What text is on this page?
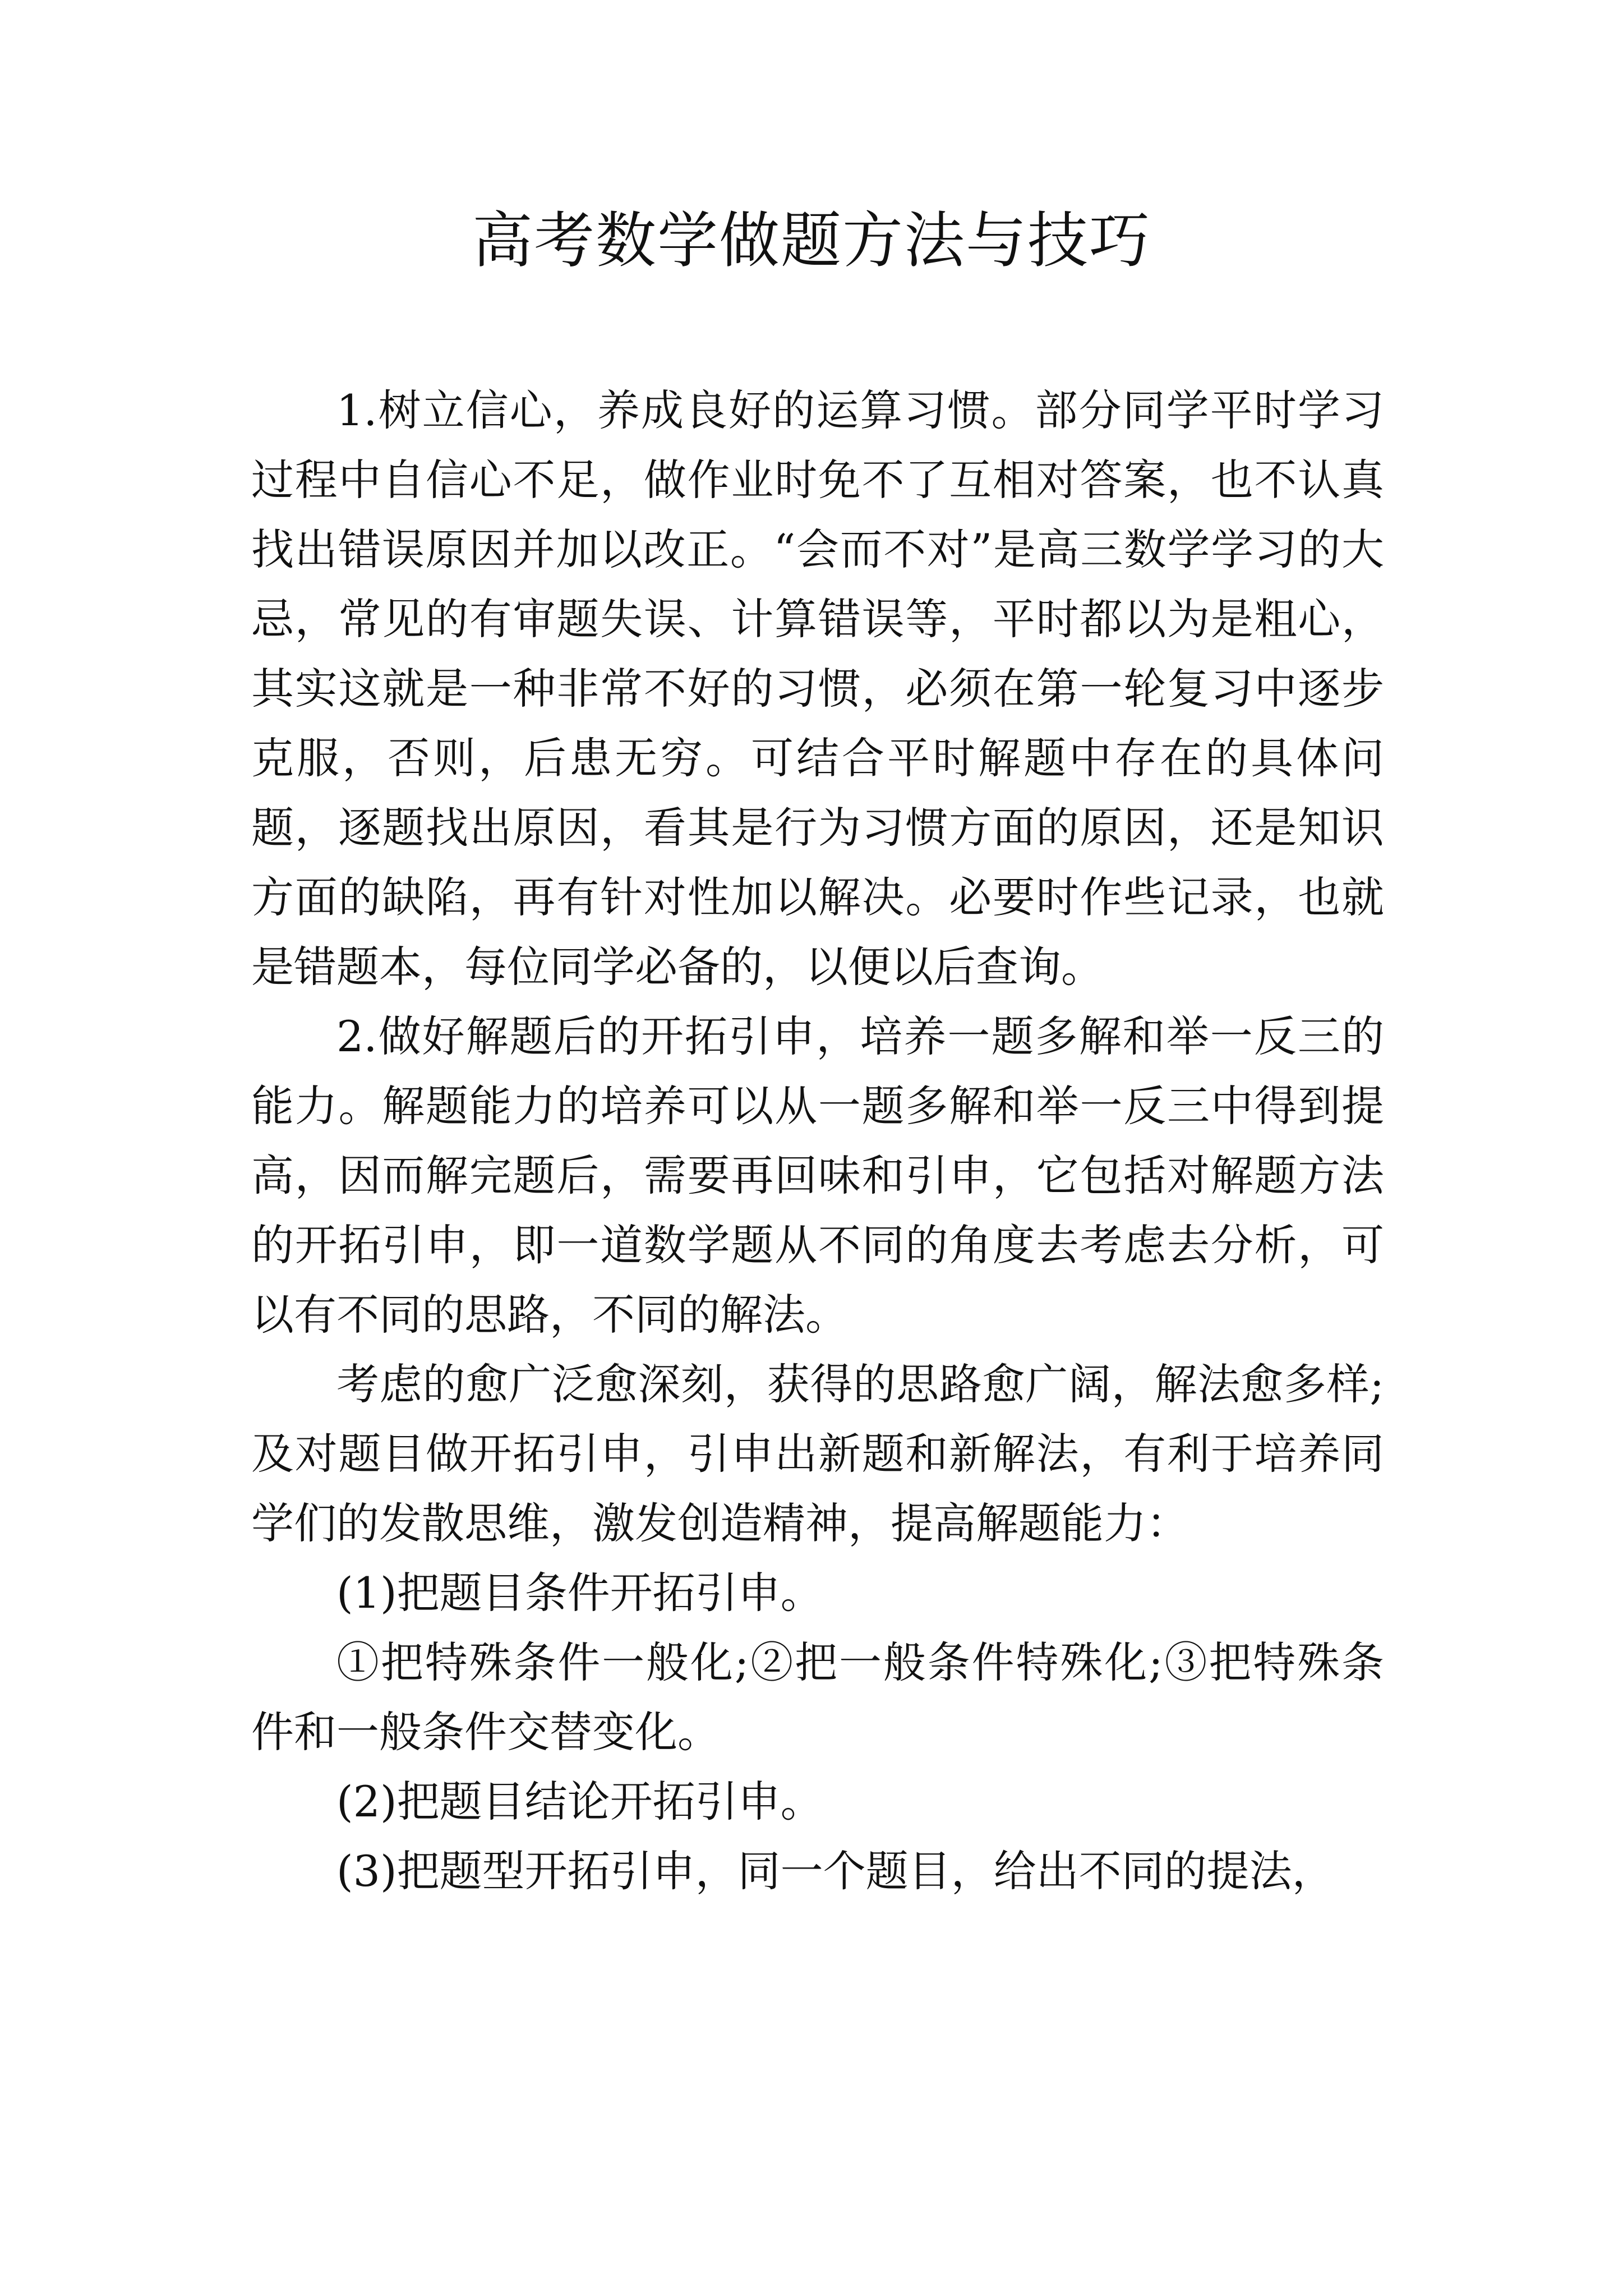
高考数学做题方法与技巧

1.树立信心，养成良好的运算习惯。部分同学平时学习过程中自信心不足，做作业时免不了互相对答案，也不认真找出错误原因并加以改正。“会而不对”是高三数学学习的大忌，常见的有审题失误、计算错误等，平时都以为是粗心，其实这就是一种非常不好的习惯，必须在第一轮复习中逐步克服，否则，后患无穷。可结合平时解题中存在的具体问题，逐题找出原因，看其是行为习惯方面的原因，还是知识方面的缺陷，再有针对性加以解决。必要时作些记录，也就是错题本，每位同学必备的，以便以后查询。

2.做好解题后的开拓引申，培养一题多解和举一反三的能力。解题能力的培养可以从一题多解和举一反三中得到提高，因而解完题后，需要再回味和引申，它包括对解题方法的开拓引申，即一道数学题从不同的角度去考虑去分析，可以有不同的思路，不同的解法。

考虑的愈广泛愈深刻，获得的思路愈广阔，解法愈多样;及对题目做开拓引申，引申出新题和新解法，有利于培养同学们的发散思维，激发创造精神，提高解题能力：

(1)把题目条件开拓引申。

①把特殊条件一般化;②把一般条件特殊化;③把特殊条件和一般条件交替变化。

(2)把题目结论开拓引申。

(3)把题型开拓引申，同一个题目，给出不同的提法，
